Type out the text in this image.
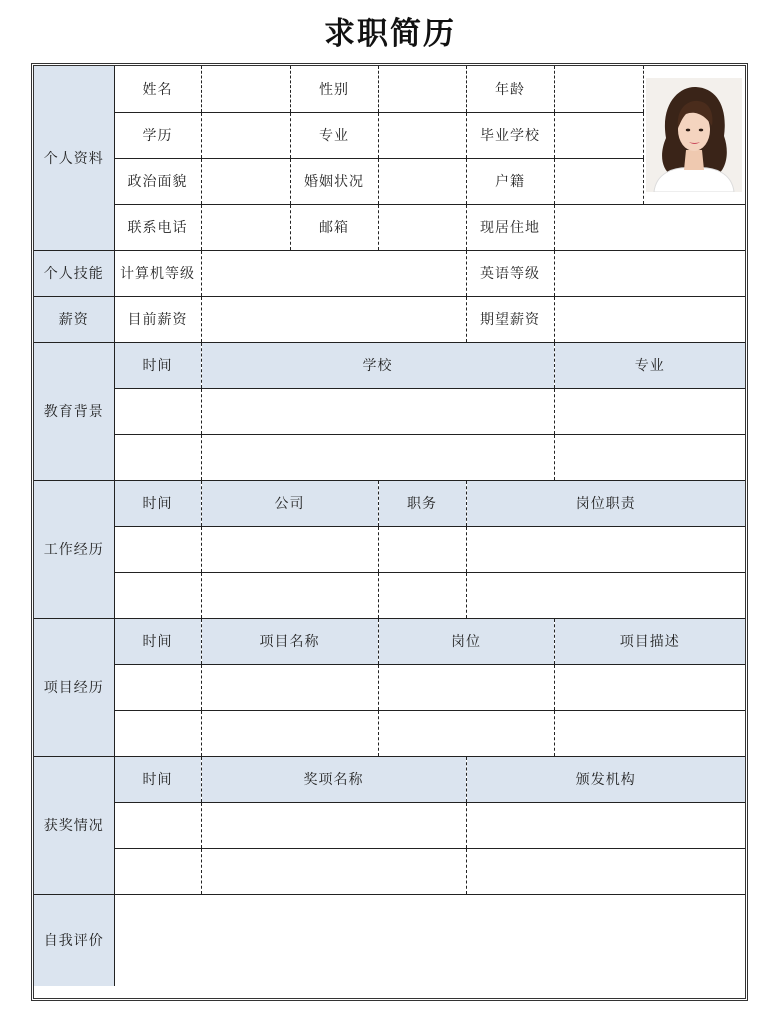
求职简历
个人资料	姓名		性别		年龄		

	学历		专业		毕业学校		
	政治面貌		婚姻状况		户籍		
	联系电话		邮箱		现居住地		
个人技能	计算机等级				英语等级		
薪资	目前薪资				期望薪资		
教育背景	时间	学校				专业	

工作经历	时间	公司		职务	岗位职责		

项目经历	时间	项目名称		岗位		项目描述	

获奖情况	时间	奖项名称			颁发机构		

自我评价							
